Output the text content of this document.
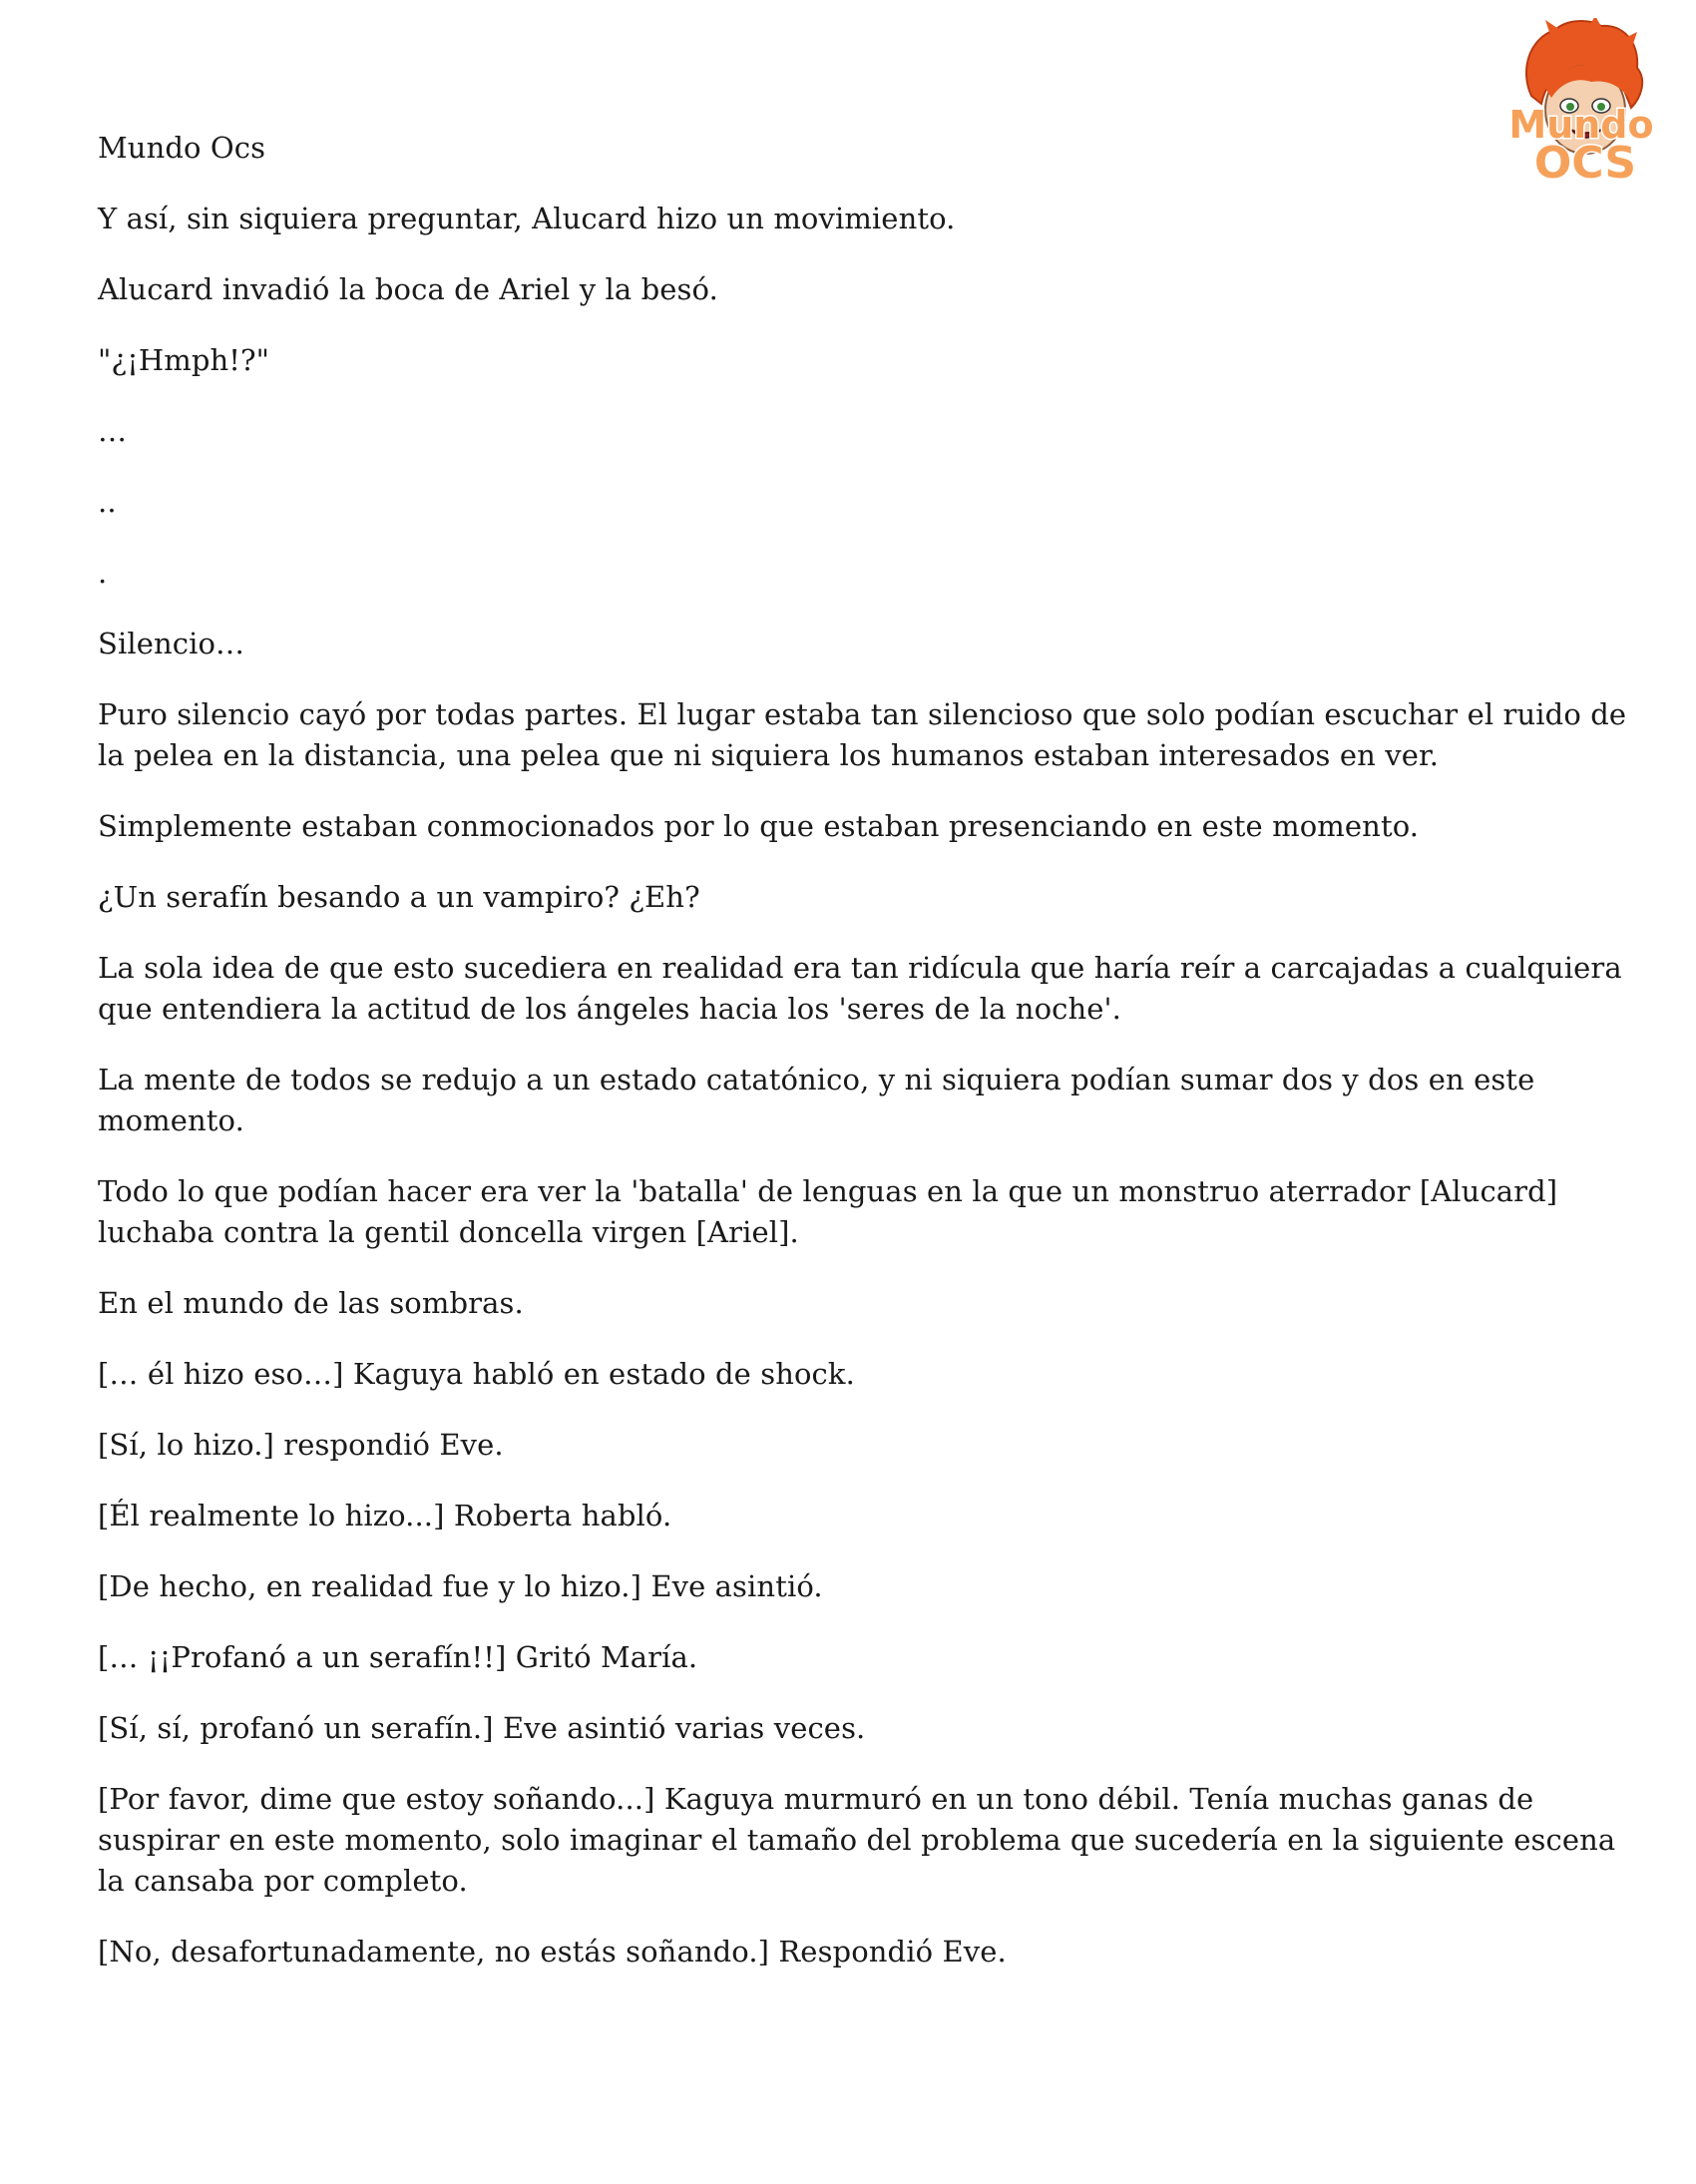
Mundo
OCS

Mundo Ocs

Y así, sin siquiera preguntar, Alucard hizo un movimiento.

Alucard invadió la boca de Ariel y la besó.

"¿¡Hmph!?"

…

..

.

Silencio…

Puro silencio cayó por todas partes. El lugar estaba tan silencioso que solo podían escuchar el ruido de la pelea en la distancia, una pelea que ni siquiera los humanos estaban interesados en ver.

Simplemente estaban conmocionados por lo que estaban presenciando en este momento.

¿Un serafín besando a un vampiro? ¿Eh?

La sola idea de que esto sucediera en realidad era tan ridícula que haría reír a carcajadas a cualquiera que entendiera la actitud de los ángeles hacia los 'seres de la noche'.

La mente de todos se redujo a un estado catatónico, y ni siquiera podían sumar dos y dos en este momento.

Todo lo que podían hacer era ver la 'batalla' de lenguas en la que un monstruo aterrador [Alucard] luchaba contra la gentil doncella virgen [Ariel].

En el mundo de las sombras.

[… él hizo eso…] Kaguya habló en estado de shock.

[Sí, lo hizo.] respondió Eve.

[Él realmente lo hizo...] Roberta habló.

[De hecho, en realidad fue y lo hizo.] Eve asintió.

[… ¡¡Profanó a un serafín!!] Gritó María.

[Sí, sí, profanó un serafín.] Eve asintió varias veces.

[Por favor, dime que estoy soñando...] Kaguya murmuró en un tono débil. Tenía muchas ganas de suspirar en este momento, solo imaginar el tamaño del problema que sucedería en la siguiente escena la cansaba por completo.

[No, desafortunadamente, no estás soñando.] Respondió Eve.
